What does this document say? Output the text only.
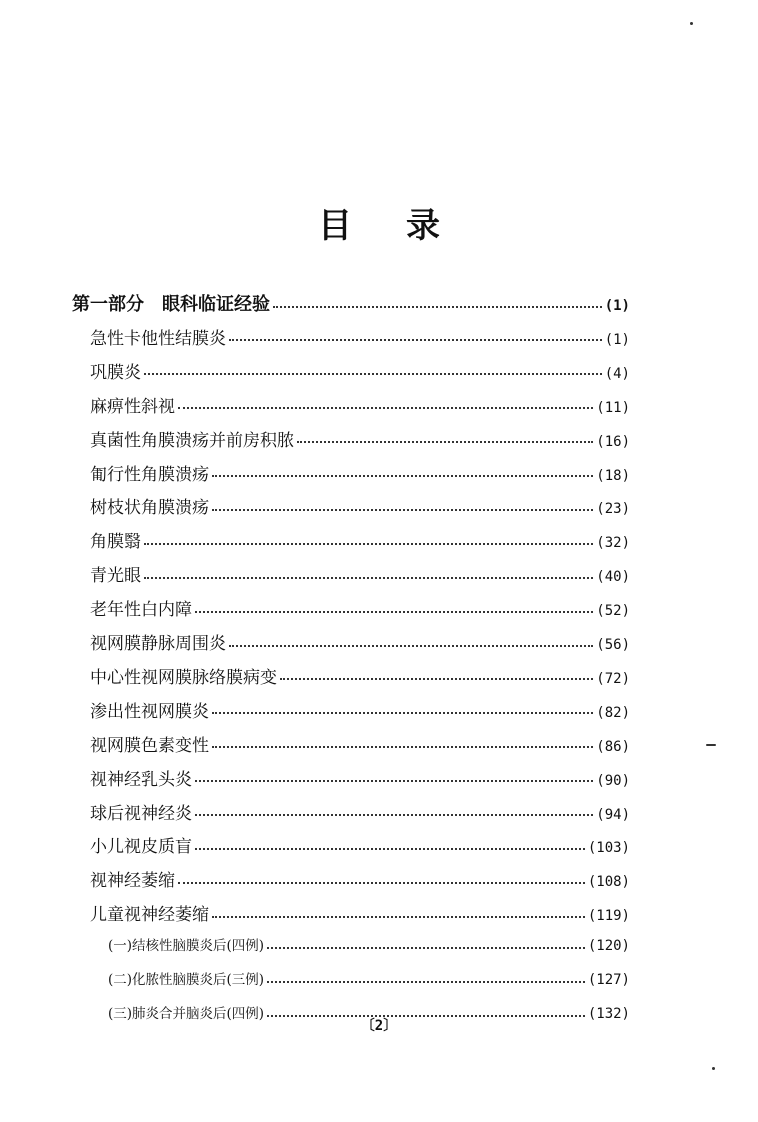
目录
第一部分　眼科临证经验	(1)
急性卡他性结膜炎	(1)
巩膜炎	(4)
麻痹性斜视	(11)
真菌性角膜溃疡并前房积脓	(16)
匍行性角膜溃疡	(18)
树枝状角膜溃疡	(23)
角膜翳	(32)
青光眼	(40)
老年性白内障	(52)
视网膜静脉周围炎	(56)
中心性视网膜脉络膜病变	(72)
渗出性视网膜炎	(82)
视网膜色素变性	(86)
视神经乳头炎	(90)
球后视神经炎	(94)
小儿视皮质盲	(103)
视神经萎缩	(108)
儿童视神经萎缩	(119)
(一)结核性脑膜炎后(四例)	(120)
(二)化脓性脑膜炎后(三例)	(127)
(三)肺炎合并脑炎后(四例)	(132)
〔2〕
